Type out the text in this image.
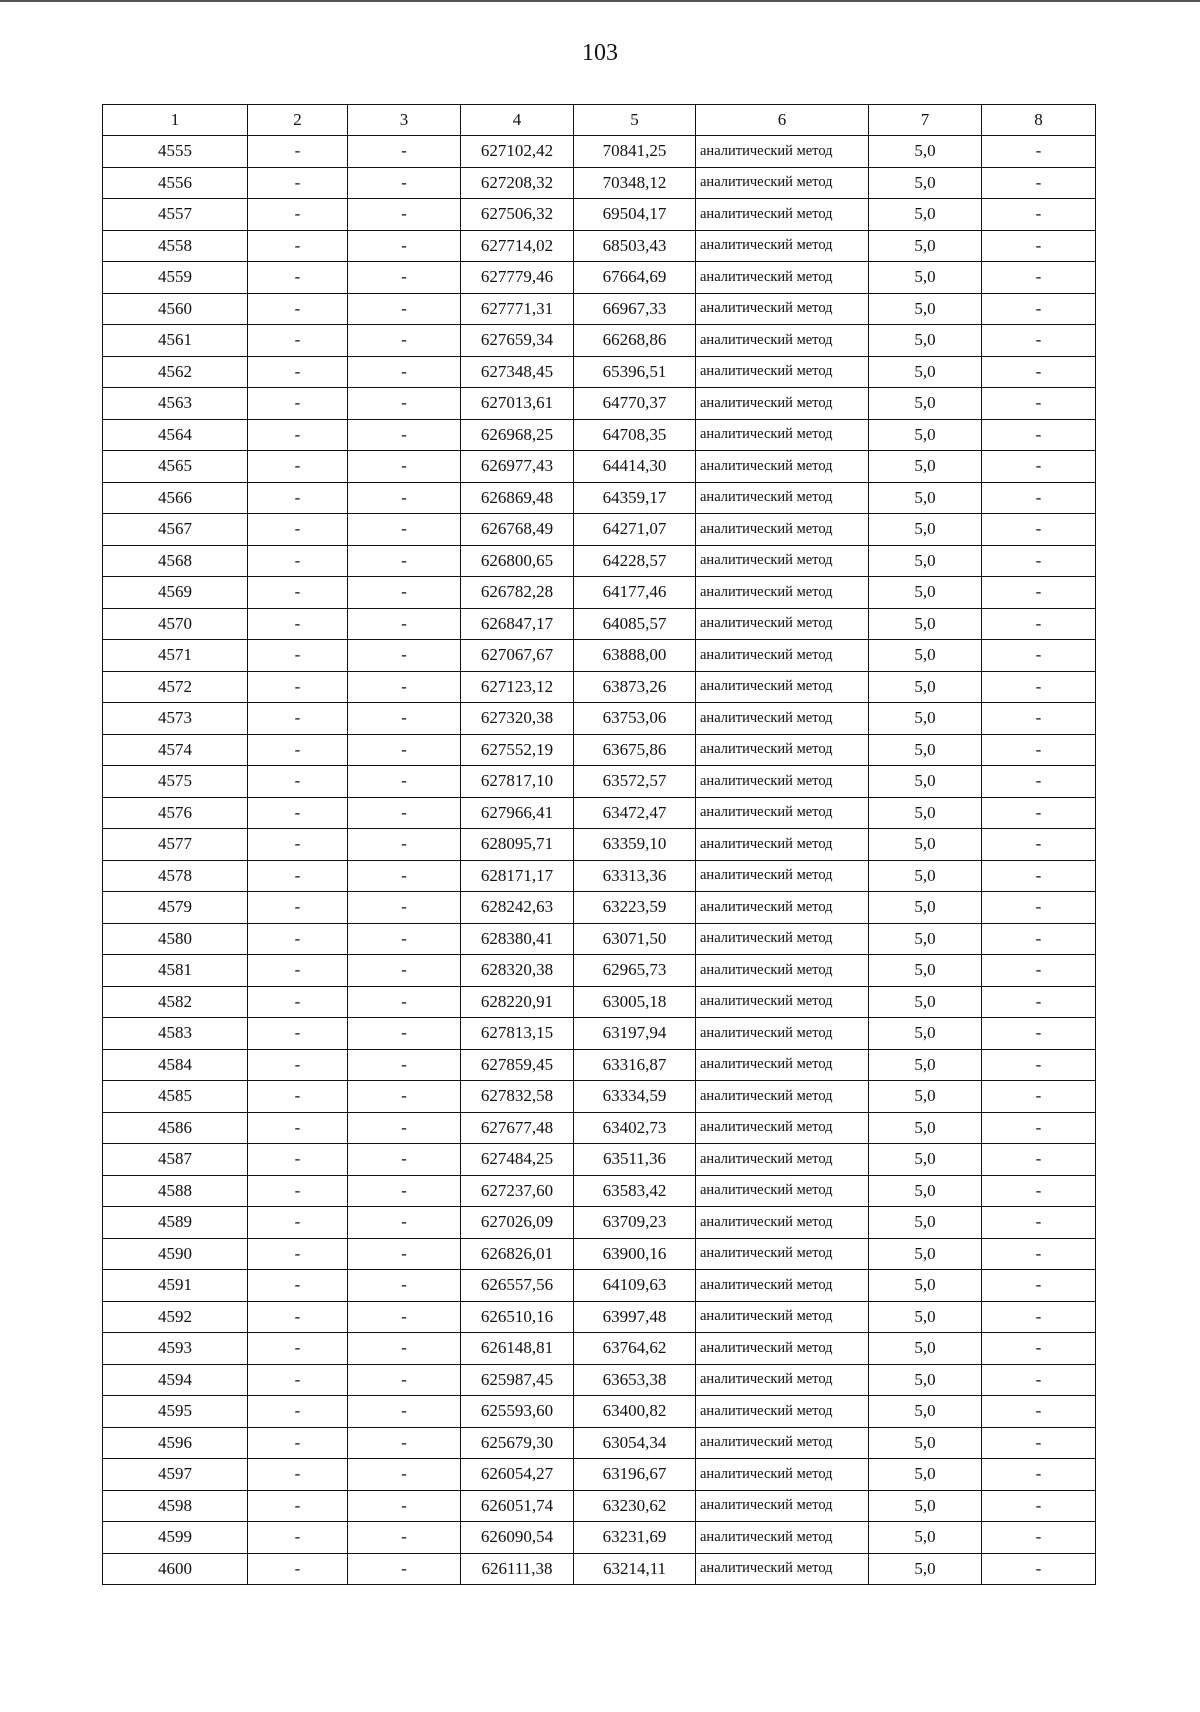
103
1	2	3	4	5	6	7	8
4555	-	-	627102,42	70841,25	аналитический метод	5,0	-
4556	-	-	627208,32	70348,12	аналитический метод	5,0	-
4557	-	-	627506,32	69504,17	аналитический метод	5,0	-
4558	-	-	627714,02	68503,43	аналитический метод	5,0	-
4559	-	-	627779,46	67664,69	аналитический метод	5,0	-
4560	-	-	627771,31	66967,33	аналитический метод	5,0	-
4561	-	-	627659,34	66268,86	аналитический метод	5,0	-
4562	-	-	627348,45	65396,51	аналитический метод	5,0	-
4563	-	-	627013,61	64770,37	аналитический метод	5,0	-
4564	-	-	626968,25	64708,35	аналитический метод	5,0	-
4565	-	-	626977,43	64414,30	аналитический метод	5,0	-
4566	-	-	626869,48	64359,17	аналитический метод	5,0	-
4567	-	-	626768,49	64271,07	аналитический метод	5,0	-
4568	-	-	626800,65	64228,57	аналитический метод	5,0	-
4569	-	-	626782,28	64177,46	аналитический метод	5,0	-
4570	-	-	626847,17	64085,57	аналитический метод	5,0	-
4571	-	-	627067,67	63888,00	аналитический метод	5,0	-
4572	-	-	627123,12	63873,26	аналитический метод	5,0	-
4573	-	-	627320,38	63753,06	аналитический метод	5,0	-
4574	-	-	627552,19	63675,86	аналитический метод	5,0	-
4575	-	-	627817,10	63572,57	аналитический метод	5,0	-
4576	-	-	627966,41	63472,47	аналитический метод	5,0	-
4577	-	-	628095,71	63359,10	аналитический метод	5,0	-
4578	-	-	628171,17	63313,36	аналитический метод	5,0	-
4579	-	-	628242,63	63223,59	аналитический метод	5,0	-
4580	-	-	628380,41	63071,50	аналитический метод	5,0	-
4581	-	-	628320,38	62965,73	аналитический метод	5,0	-
4582	-	-	628220,91	63005,18	аналитический метод	5,0	-
4583	-	-	627813,15	63197,94	аналитический метод	5,0	-
4584	-	-	627859,45	63316,87	аналитический метод	5,0	-
4585	-	-	627832,58	63334,59	аналитический метод	5,0	-
4586	-	-	627677,48	63402,73	аналитический метод	5,0	-
4587	-	-	627484,25	63511,36	аналитический метод	5,0	-
4588	-	-	627237,60	63583,42	аналитический метод	5,0	-
4589	-	-	627026,09	63709,23	аналитический метод	5,0	-
4590	-	-	626826,01	63900,16	аналитический метод	5,0	-
4591	-	-	626557,56	64109,63	аналитический метод	5,0	-
4592	-	-	626510,16	63997,48	аналитический метод	5,0	-
4593	-	-	626148,81	63764,62	аналитический метод	5,0	-
4594	-	-	625987,45	63653,38	аналитический метод	5,0	-
4595	-	-	625593,60	63400,82	аналитический метод	5,0	-
4596	-	-	625679,30	63054,34	аналитический метод	5,0	-
4597	-	-	626054,27	63196,67	аналитический метод	5,0	-
4598	-	-	626051,74	63230,62	аналитический метод	5,0	-
4599	-	-	626090,54	63231,69	аналитический метод	5,0	-
4600	-	-	626111,38	63214,11	аналитический метод	5,0	-
